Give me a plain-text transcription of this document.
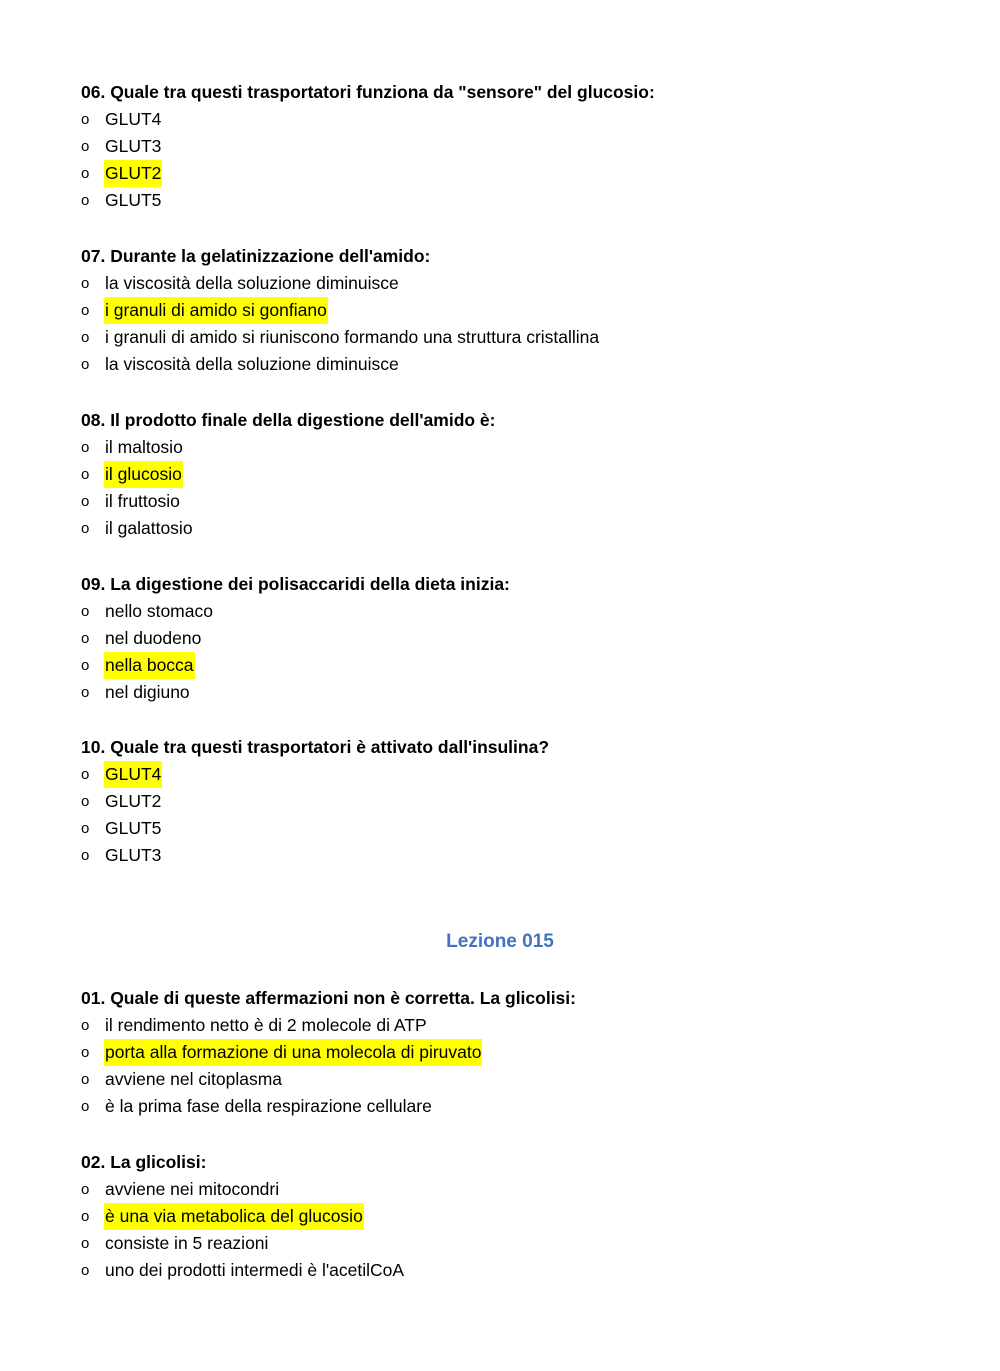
06. Quale tra questi trasportatori funziona da "sensore" del glucosio:
o GLUT4
o GLUT3
o GLUT2
o GLUT5
07. Durante la gelatinizzazione dell'amido:
o la viscosità della soluzione diminuisce
o i granuli di amido si gonfiano
o i granuli di amido si riuniscono formando una struttura cristallina
o la viscosità della soluzione diminuisce
08. Il prodotto finale della digestione dell'amido è:
o il maltosio
o il glucosio
o il fruttosio
o il galattosio
09. La digestione dei polisaccaridi della dieta inizia:
o nello stomaco
o nel duodeno
o nella bocca
o nel digiuno
10. Quale tra questi trasportatori è attivato dall'insulina?
o GLUT4
o GLUT2
o GLUT5
o GLUT3
Lezione 015
01. Quale di queste affermazioni non è corretta. La glicolisi:
o il rendimento netto è di 2 molecole di ATP
o porta alla formazione di una molecola di piruvato
o avviene nel citoplasma
o è la prima fase della respirazione cellulare
02. La glicolisi:
o avviene nei mitocondri
o è una via metabolica del glucosio
o consiste in 5 reazioni
o uno dei prodotti intermedi è l'acetilCoA
